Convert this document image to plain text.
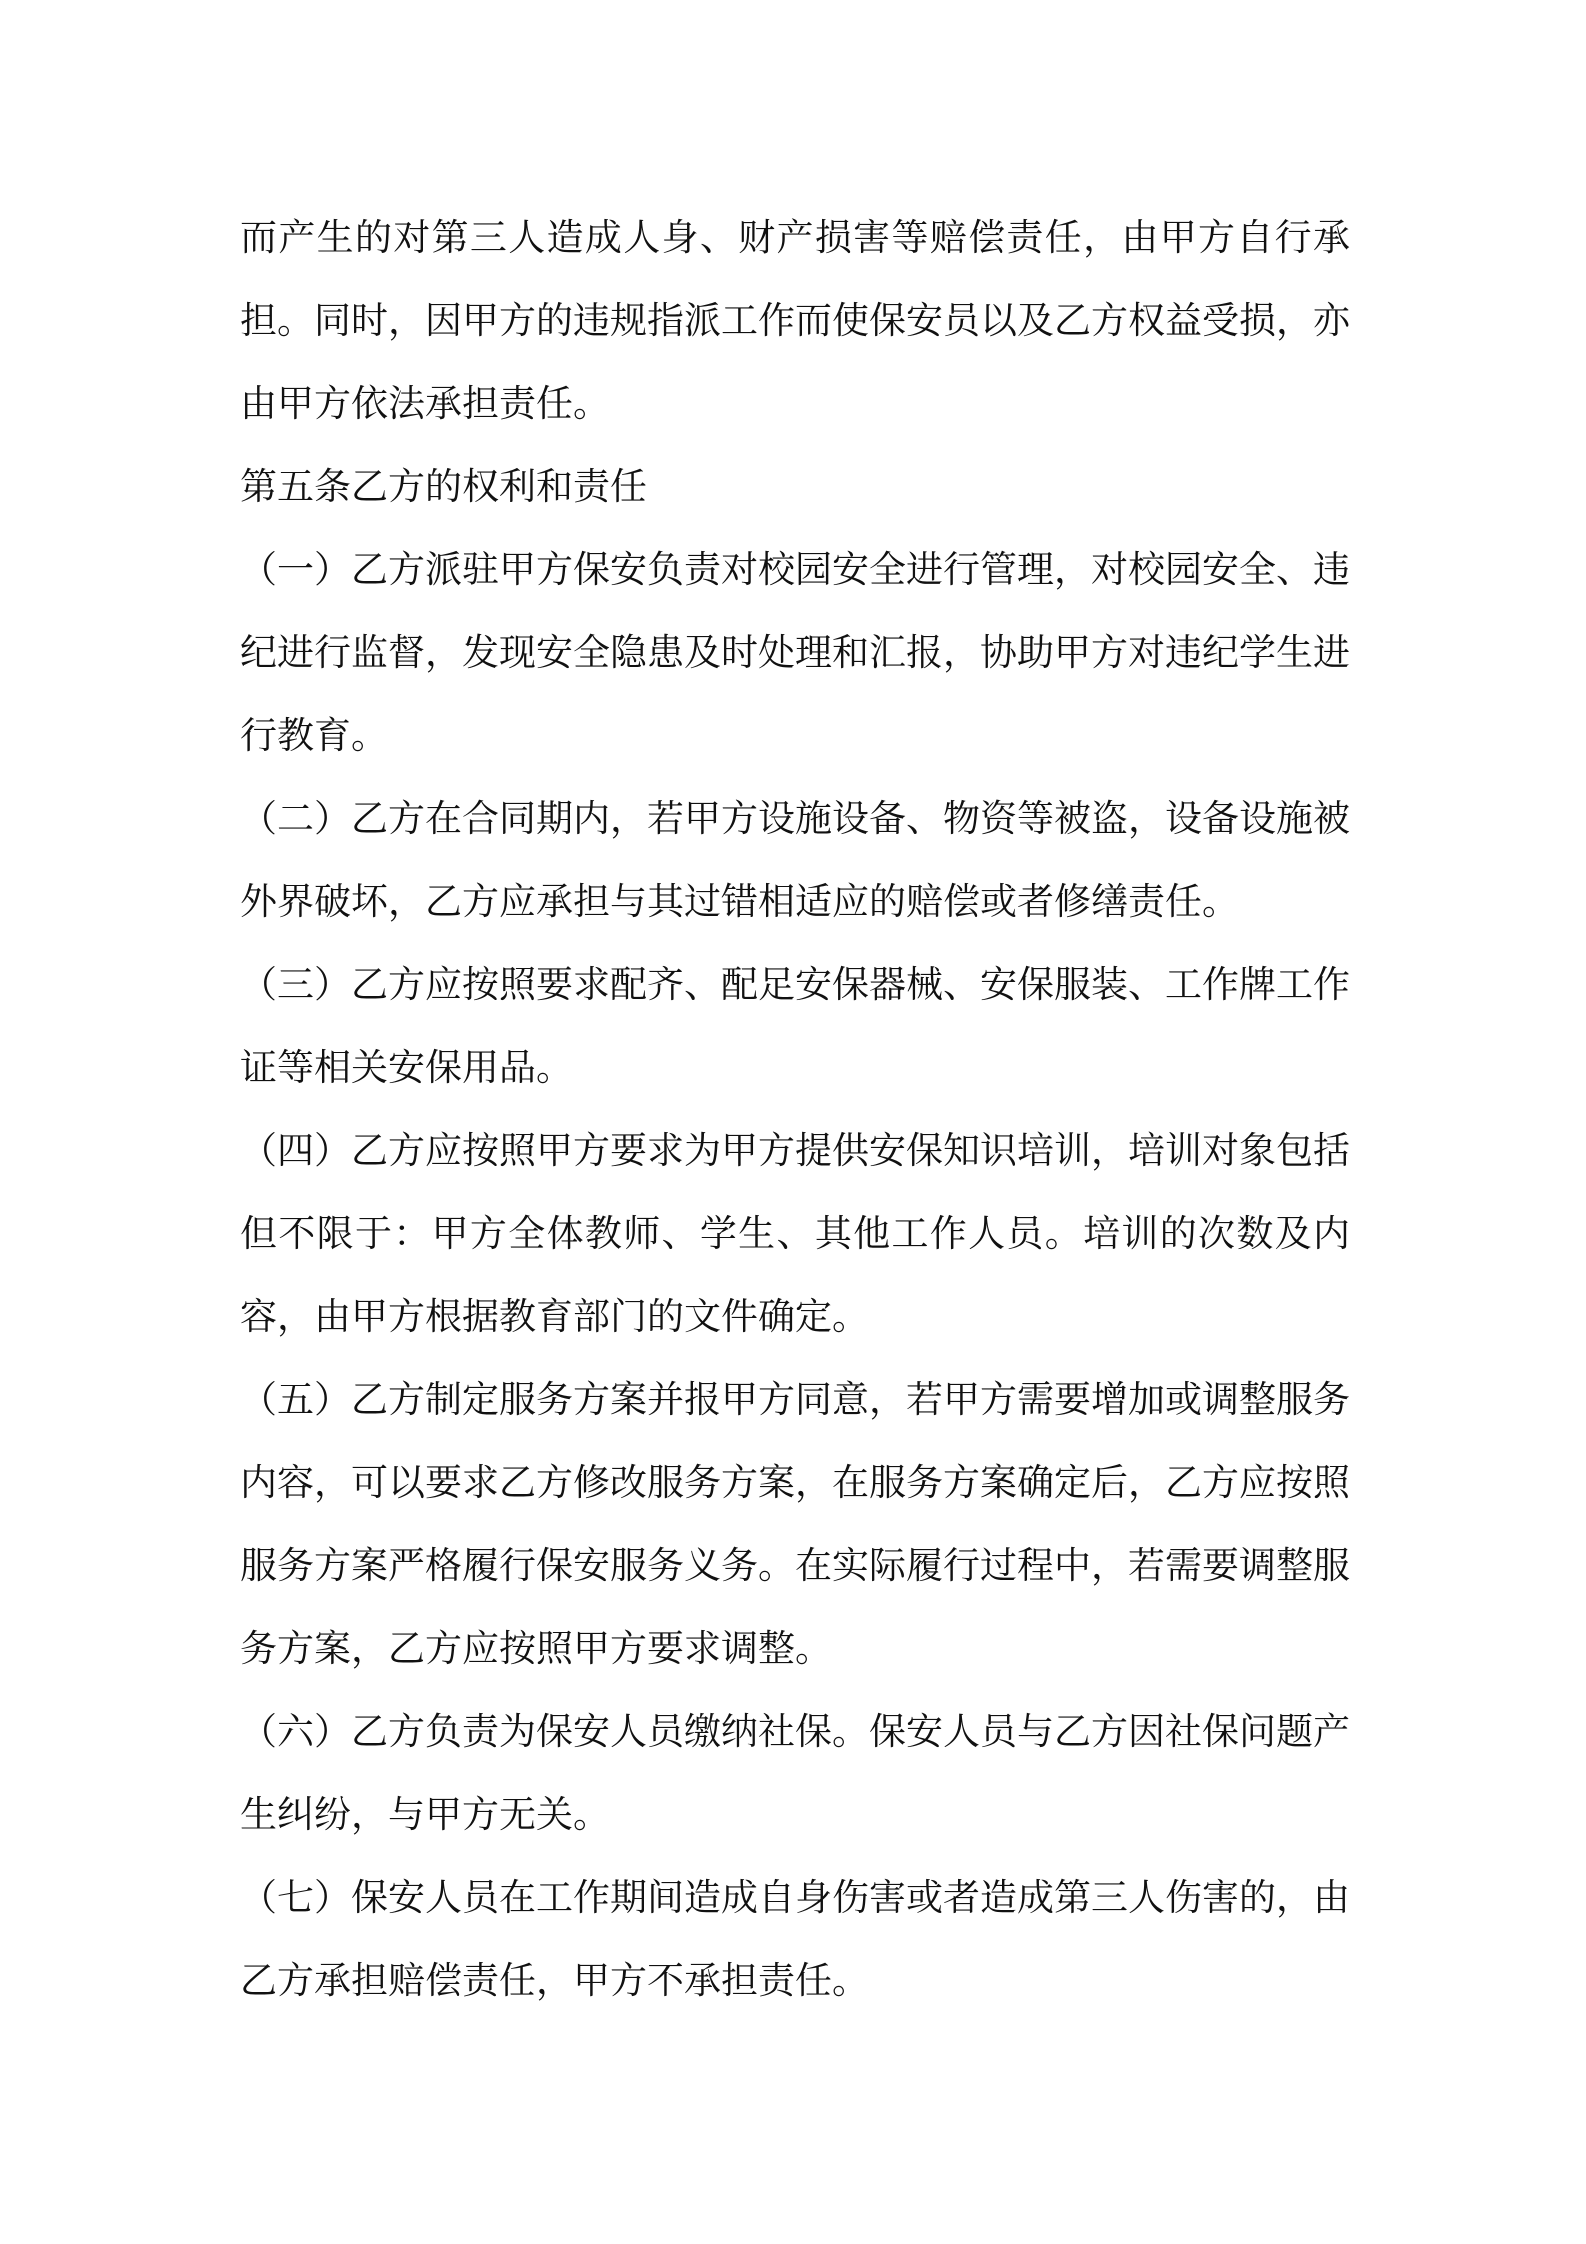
而产生的对第三人造成人身、财产损害等赔偿责任，由甲方自行承担。同时，因甲方的违规指派工作而使保安员以及乙方权益受损，亦由甲方依法承担责任。

第五条乙方的权利和责任

（一）乙方派驻甲方保安负责对校园安全进行管理，对校园安全、违纪进行监督，发现安全隐患及时处理和汇报，协助甲方对违纪学生进行教育。

（二）乙方在合同期内，若甲方设施设备、物资等被盗，设备设施被外界破坏，乙方应承担与其过错相适应的赔偿或者修缮责任。

（三）乙方应按照要求配齐、配足安保器械、安保服装、工作牌工作证等相关安保用品。

（四）乙方应按照甲方要求为甲方提供安保知识培训，培训对象包括但不限于：甲方全体教师、学生、其他工作人员。培训的次数及内容，由甲方根据教育部门的文件确定。

（五）乙方制定服务方案并报甲方同意，若甲方需要增加或调整服务内容，可以要求乙方修改服务方案，在服务方案确定后，乙方应按照服务方案严格履行保安服务义务。在实际履行过程中，若需要调整服务方案，乙方应按照甲方要求调整。

（六）乙方负责为保安人员缴纳社保。保安人员与乙方因社保问题产生纠纷，与甲方无关。

（七）保安人员在工作期间造成自身伤害或者造成第三人伤害的，由乙方承担赔偿责任，甲方不承担责任。
